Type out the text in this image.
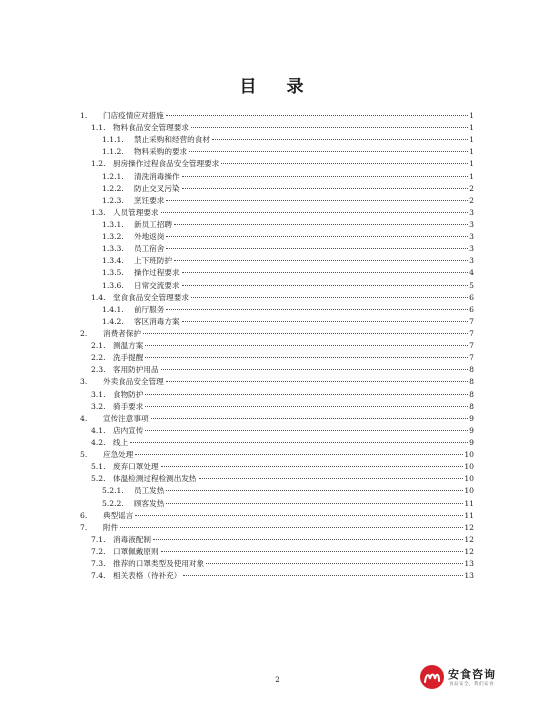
目 录
1.	门店疫情应对措施	1
1.1. 物料食品安全管理要求	1
1.1.1.	禁止采购和经营的食材	1
1.1.2.	物料采购的要求	1
1.2. 厨房操作过程食品安全管理要求	1
1.2.1.	清洗消毒操作	1
1.2.2.	防止交叉污染	2
1.2.3.	烹饪要求	2
1.3. 人员管理要求	3
1.3.1.	新员工招聘	3
1.3.2.	外地返岗	3
1.3.3.	员工宿舍	3
1.3.4.	上下班防护	3
1.3.5.	操作过程要求	4
1.3.6.	日常交流要求	5
1.4. 堂食食品安全管理要求	6
1.4.1.	前厅服务	6
1.4.2.	客区消毒方案	7
2.	消费者保护	7
2.1. 测温方案	7
2.2. 洗手提醒	7
2.3. 客用防护用品	8
3.	外卖食品安全管理	8
3.1. 食物防护	8
3.2. 骑手要求	8
4.	宣传注意事项	9
4.1. 店内宣传	9
4.2. 线上	9
5.	应急处理	10
5.1. 废弃口罩处理	10
5.2. 体温检测过程检测出发热	10
5.2.1.	员工发热	10
5.2.2.	顾客发热	11
6.	典型谣言	11
7.	附件	12
7.1. 消毒液配制	12
7.2. 口罩佩戴原则	12
7.3. 推荐的口罩类型及使用对象	13
7.4. 相关表格（待补充）	13
2	安食咨询
食品安全，我们安食
